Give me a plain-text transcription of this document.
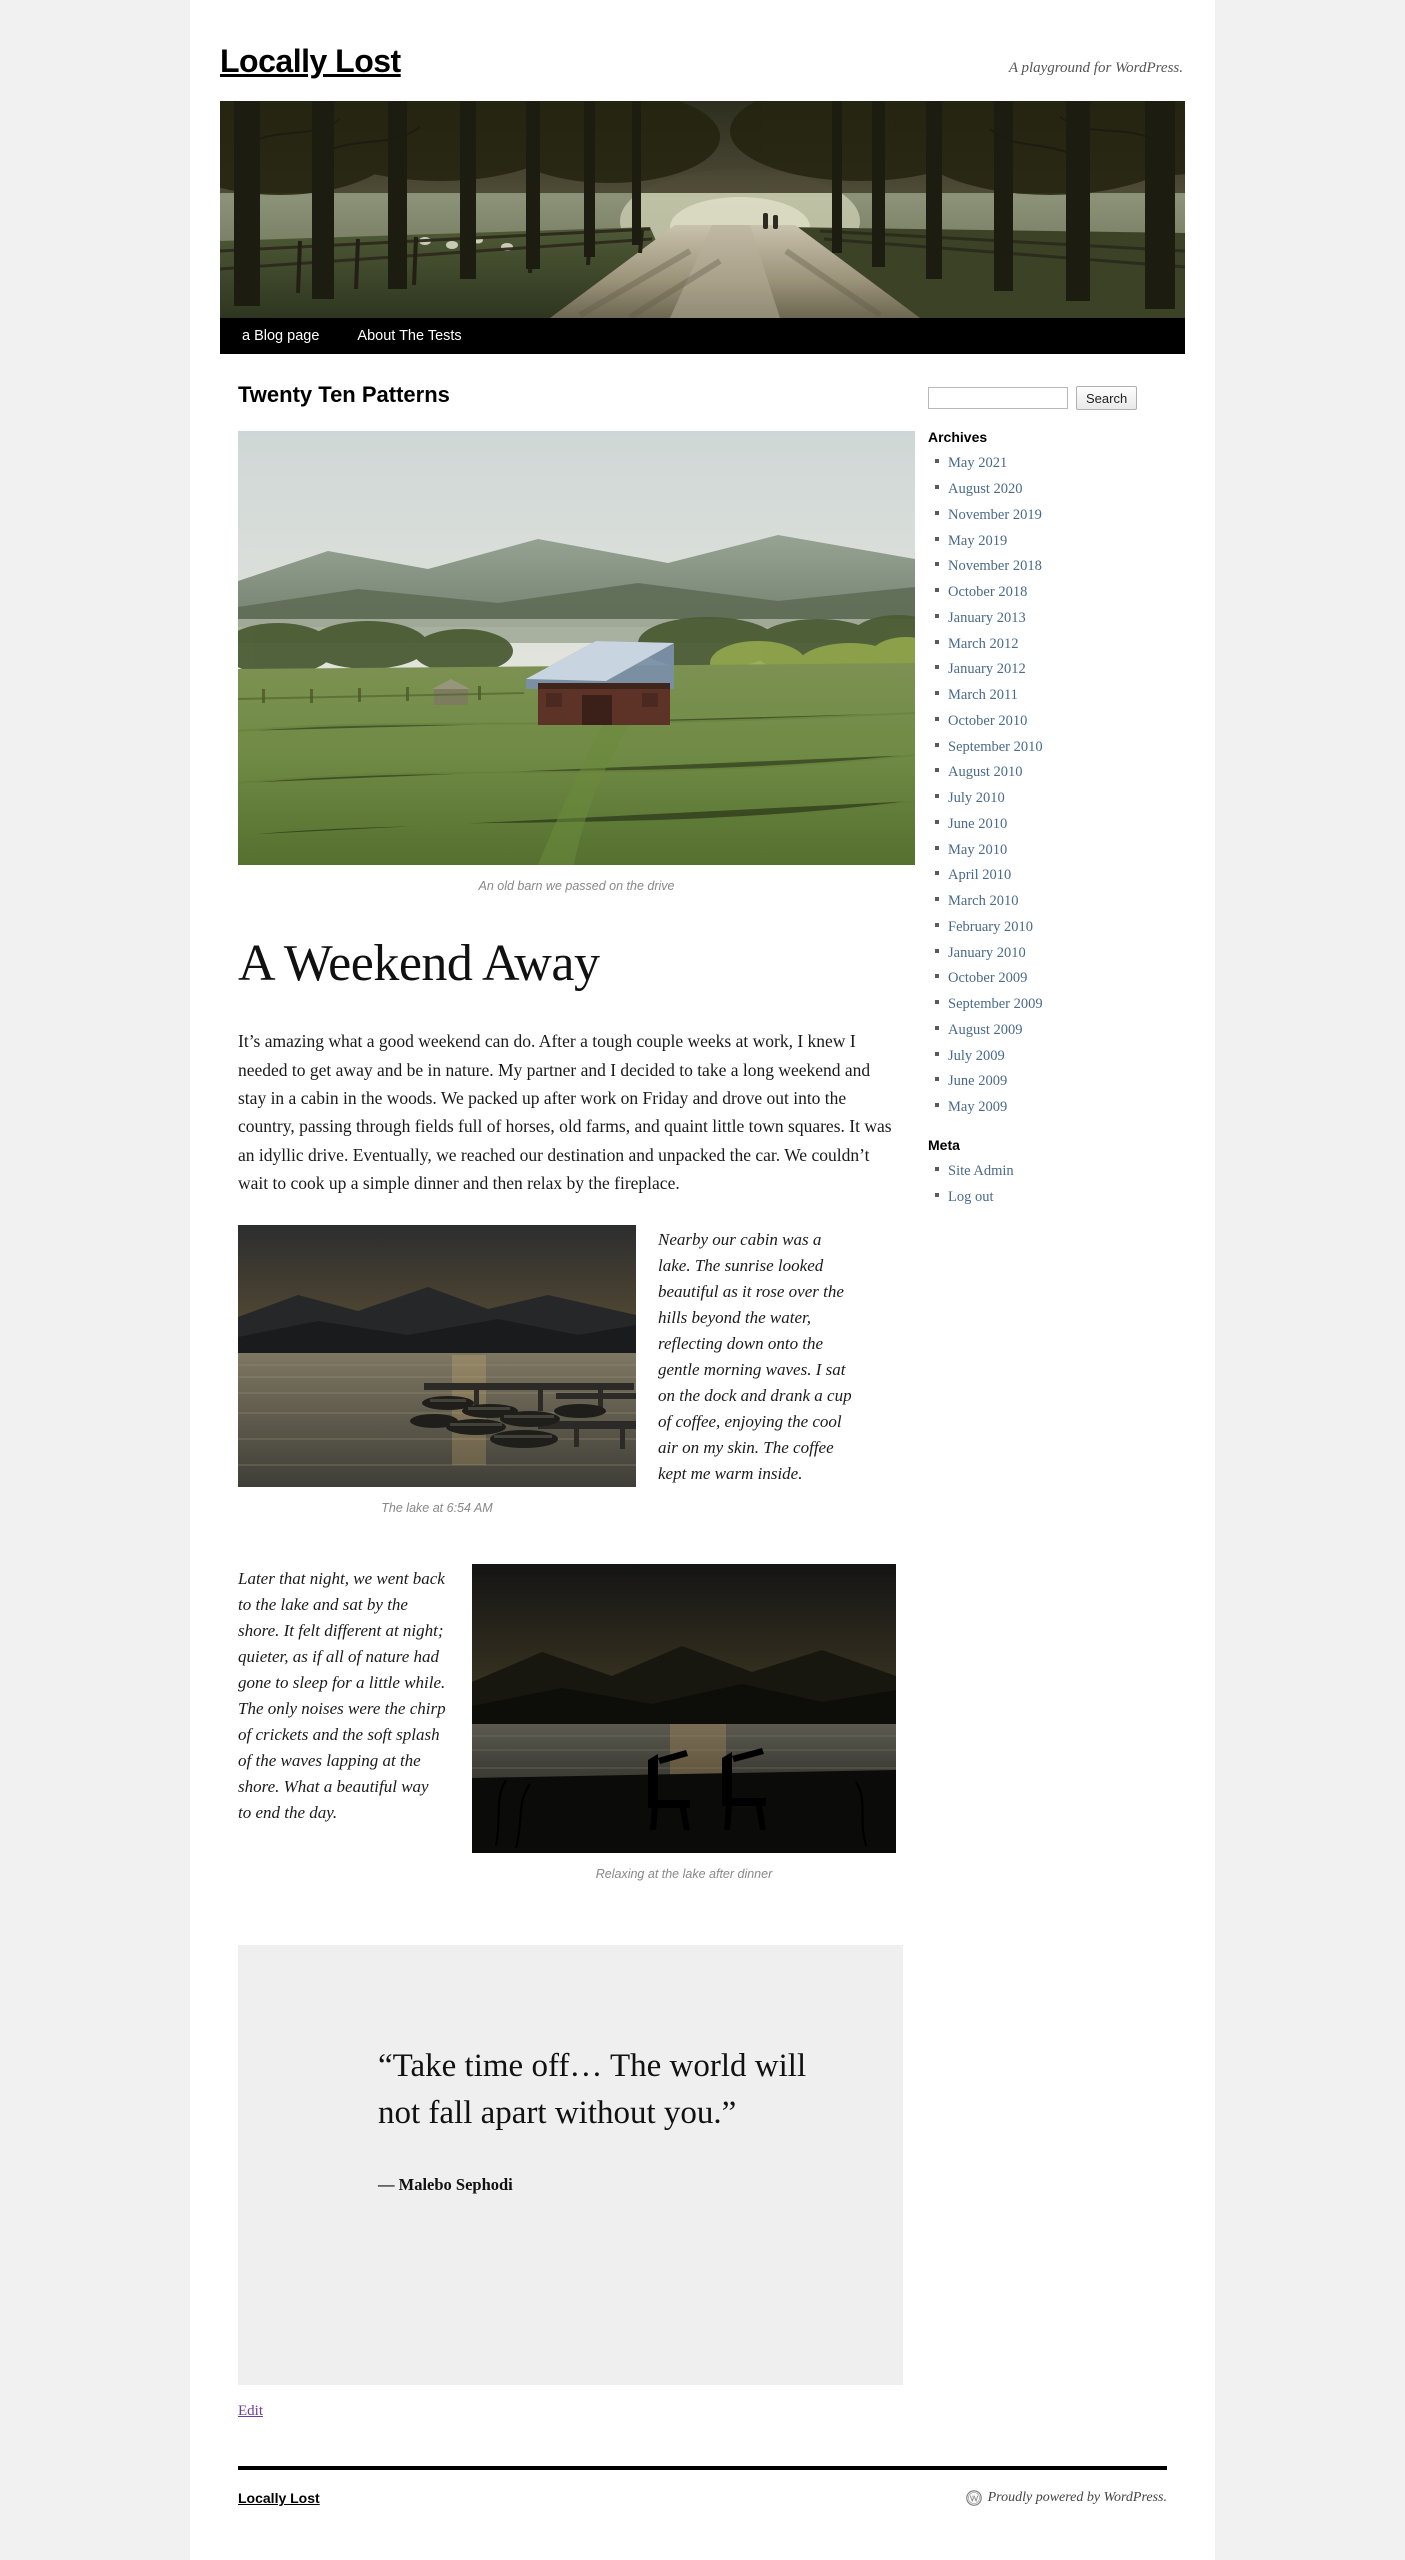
Locally Lost	A playground for WordPress.
a Blog page	About The Tests
Twenty Ten Patterns
An old barn we passed on the drive
A Weekend Away

It’s amazing what a good weekend can do. After a tough couple weeks at work, I knew I needed to get away and be in nature. My partner and I decided to take a long weekend and stay in a cabin in the woods. We packed up after work on Friday and drove out into the country, passing through fields full of horses, old farms, and quaint little town squares. It was an idyllic drive. Eventually, we reached our destination and unpacked the car. We couldn’t wait to cook up a simple dinner and then relax by the fireplace.

Nearby our cabin was a lake. The sunrise looked beautiful as it rose over the hills beyond the water, reflecting down onto the gentle morning waves. I sat on the dock and drank a cup of coffee, enjoying the cool air on my skin. The coffee kept me warm inside.
The lake at 6:54 AM
Later that night, we went back to the lake and sat by the shore. It felt different at night; quieter, as if all of nature had gone to sleep for a little while. The only noises were the chirp of crickets and the soft splash of the waves lapping at the shore. What a beautiful way to end the day.
Relaxing at the lake after dinner

“Take time off… The world will not fall apart without you.”

— Malebo Sephodi
Edit
Search
Archives
May 2021
August 2020
November 2019
May 2019
November 2018
October 2018
January 2013
March 2012
January 2012
March 2011
October 2010
September 2010
August 2010
July 2010
June 2010
May 2010
April 2010
March 2010
February 2010
January 2010
October 2009
September 2009
August 2009
July 2009
June 2009
May 2009
Meta
Site Admin
Log out
Locally Lost	Proudly powered by WordPress.
